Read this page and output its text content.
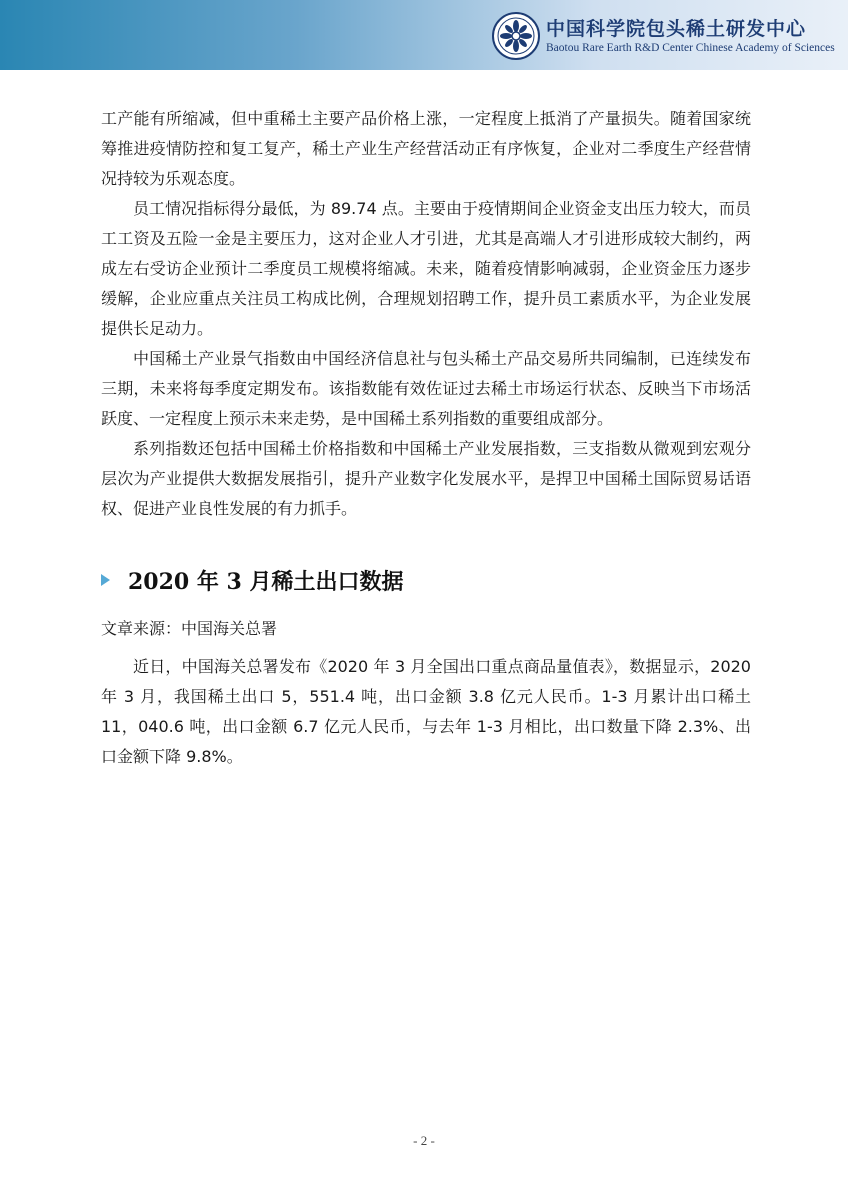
中国科学院包头稀土研发中心
Baotou Rare Earth R&D Center Chinese Academy of Sciences

工产能有所缩减，但中重稀土主要产品价格上涨，一定程度上抵消了产量损失。随着国家统筹推进疫情防控和复工复产，稀土产业生产经营活动正有序恢复，企业对二季度生产经营情况持较为乐观态度。

员工情况指标得分最低，为 89.74 点。主要由于疫情期间企业资金支出压力较大，而员工工资及五险一金是主要压力，这对企业人才引进，尤其是高端人才引进形成较大制约，两成左右受访企业预计二季度员工规模将缩减。未来，随着疫情影响减弱，企业资金压力逐步缓解，企业应重点关注员工构成比例，合理规划招聘工作，提升员工素质水平，为企业发展提供长足动力。

中国稀土产业景气指数由中国经济信息社与包头稀土产品交易所共同编制，已连续发布三期，未来将每季度定期发布。该指数能有效佐证过去稀土市场运行状态、反映当下市场活跃度、一定程度上预示未来走势，是中国稀土系列指数的重要组成部分。

系列指数还包括中国稀土价格指数和中国稀土产业发展指数，三支指数从微观到宏观分层次为产业提供大数据发展指引，提升产业数字化发展水平，是捍卫中国稀土国际贸易话语权、促进产业良性发展的有力抓手。

2020 年 3 月稀土出口数据
文章来源：中国海关总署

近日，中国海关总署发布《2020 年 3 月全国出口重点商品量值表》，数据显示，2020 年 3 月，我国稀土出口 5，551.4 吨，出口金额 3.8 亿元人民币。1-3 月累计出口稀土 11，040.6 吨，出口金额 6.7 亿元人民币，与去年 1-3 月相比，出口数量下降 2.3%、出口金额下降 9.8%。

- 2 -
